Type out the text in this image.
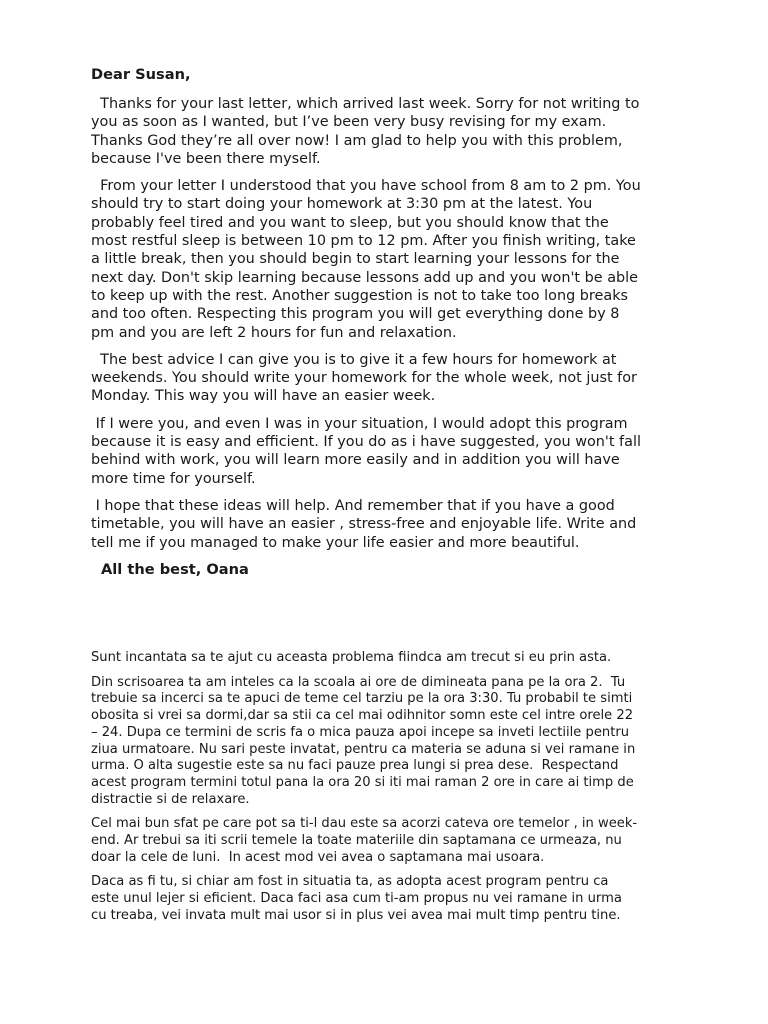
Dear Susan,

Thanks for your last letter, which arrived last week. Sorry for not writing to
you as soon as I wanted, but I’ve been very busy revising for my exam.
Thanks God they’re all over now! I am glad to help you with this problem,
because I've been there myself.

From your letter I understood that you have school from 8 am to 2 pm. You
should try to start doing your homework at 3:30 pm at the latest. You
probably feel tired and you want to sleep, but you should know that the
most restful sleep is between 10 pm to 12 pm. After you finish writing, take
a little break, then you should begin to start learning your lessons for the
next day. Don't skip learning because lessons add up and you won't be able
to keep up with the rest. Another suggestion is not to take too long breaks
and too often. Respecting this program you will get everything done by 8
pm and you are left 2 hours for fun and relaxation.

The best advice I can give you is to give it a few hours for homework at
weekends. You should write your homework for the whole week, not just for
Monday. This way you will have an easier week.

If I were you, and even I was in your situation, I would adopt this program
because it is easy and efficient. If you do as i have suggested, you won't fall
behind with work, you will learn more easily and in addition you will have
more time for yourself.

I hope that these ideas will help. And remember that if you have a good
timetable, you will have an easier , stress-free and enjoyable life. Write and
tell me if you managed to make your life easier and more beautiful.

All the best, Oana

Sunt incantata sa te ajut cu aceasta problema fiindca am trecut si eu prin asta.

Din scrisoarea ta am inteles ca la scoala ai ore de dimineata pana pe la ora 2.  Tu
trebuie sa incerci sa te apuci de teme cel tarziu pe la ora 3:30. Tu probabil te simti
obosita si vrei sa dormi,dar sa stii ca cel mai odihnitor somn este cel intre orele 22
– 24. Dupa ce termini de scris fa o mica pauza apoi incepe sa inveti lectiile pentru
ziua urmatoare. Nu sari peste invatat, pentru ca materia se aduna si vei ramane in
urma. O alta sugestie este sa nu faci pauze prea lungi si prea dese.  Respectand
acest program termini totul pana la ora 20 si iti mai raman 2 ore in care ai timp de
distractie si de relaxare.

Cel mai bun sfat pe care pot sa ti-l dau este sa acorzi cateva ore temelor , in week-
end. Ar trebui sa iti scrii temele la toate materiile din saptamana ce urmeaza, nu
doar la cele de luni.  In acest mod vei avea o saptamana mai usoara.

Daca as fi tu, si chiar am fost in situatia ta, as adopta acest program pentru ca
este unul lejer si eficient. Daca faci asa cum ti-am propus nu vei ramane in urma
cu treaba, vei invata mult mai usor si in plus vei avea mai mult timp pentru tine.
